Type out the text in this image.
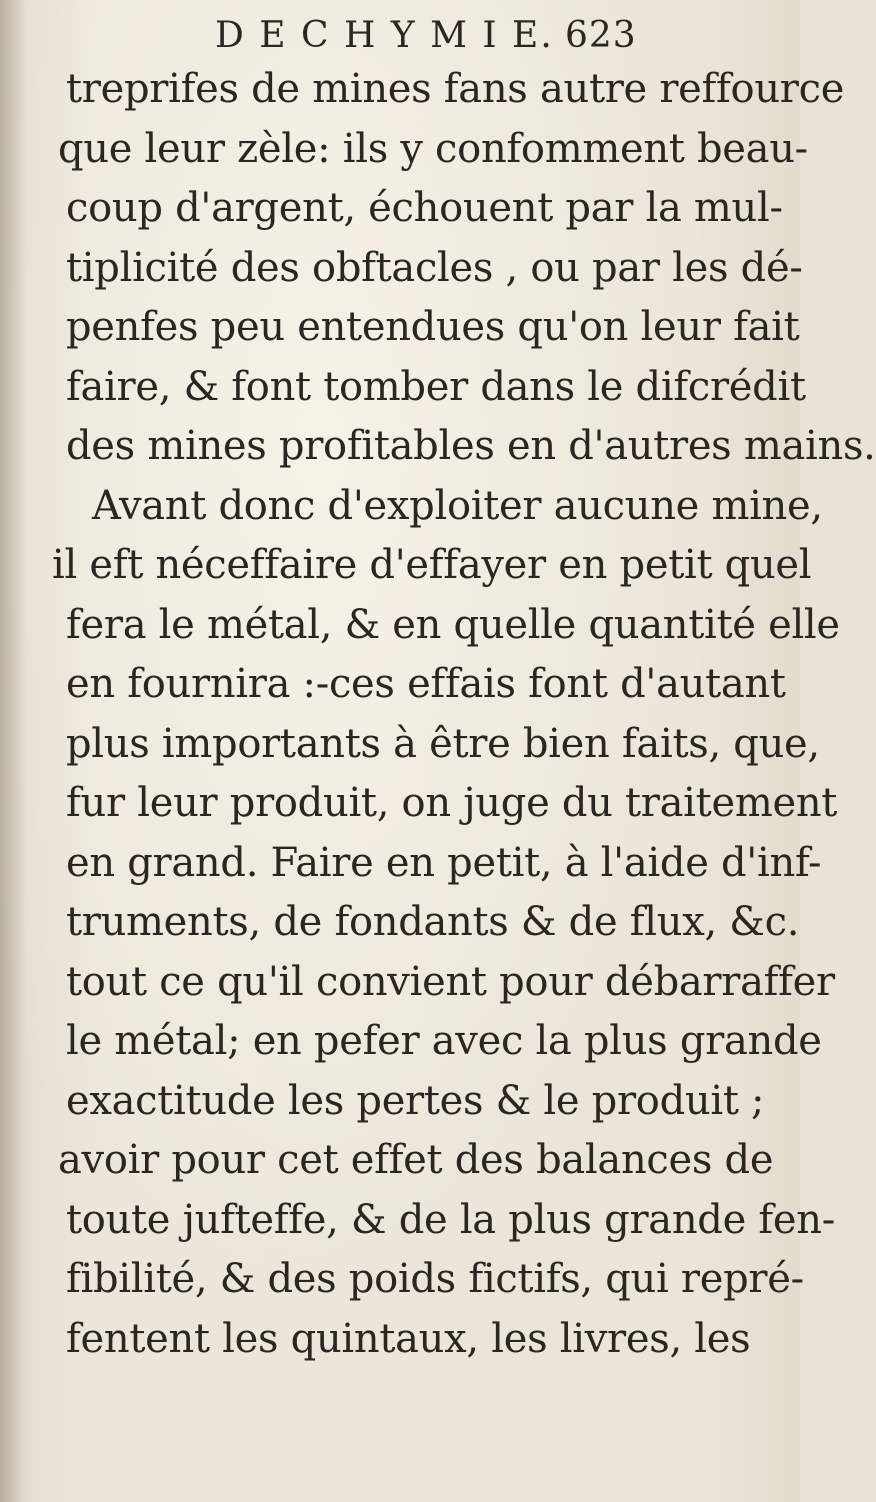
D E C H Y M I E. 623
treprifes de mines fans autre reffource
que leur zèle: ils y confomment beau-
coup d'argent, échouent par la mul-
tiplicité des obftacles , ou par les dé-
penfes peu entendues qu'on leur fait
faire, & font tomber dans le difcrédit
des mines profitables en d'autres mains.
Avant donc d'exploiter aucune mine,
il eft néceffaire d'effayer en petit quel
fera le métal, & en quelle quantité elle
en fournira :-ces effais font d'autant
plus importants à être bien faits, que,
fur leur produit, on juge du traitement
en grand. Faire en petit, à l'aide d'inf-
truments, de fondants & de flux, &c.
tout ce qu'il convient pour débarraffer
le métal; en pefer avec la plus grande
exactitude les pertes & le produit ;
avoir pour cet effet des balances de
toute jufteffe, & de la plus grande fen-
fibilité, & des poids fictifs, qui repré-
fentent les quintaux, les livres, les
